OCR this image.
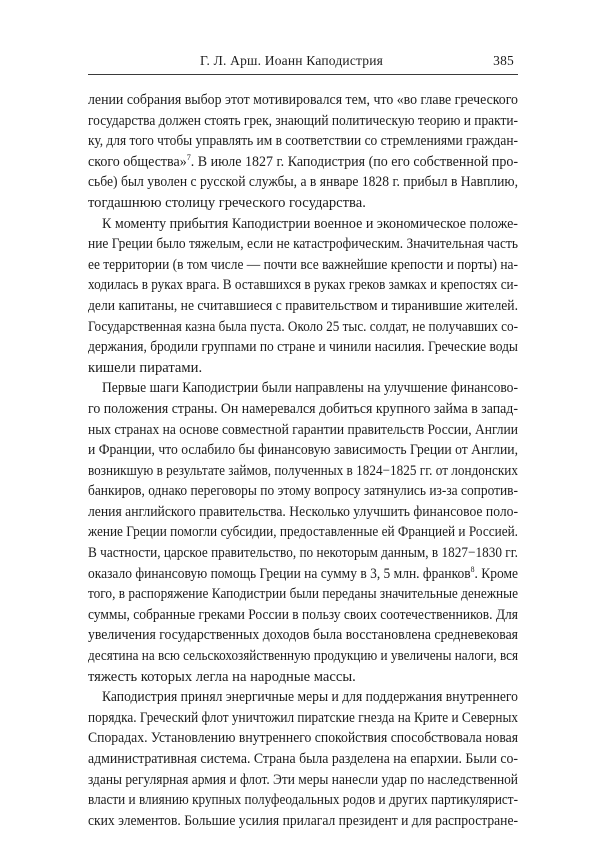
Г. Л. Арш. Иоанн Каподистрия	385
лении собрания выбор этот мотивировался тем, что «во главе греческого
государства должен стоять грек, знающий политическую теорию и практи-
ку, для того чтобы управлять им в соответствии со стремлениями граждан-
ского общества»$^7$. В июле 1827 г. Каподистрия (по его собственной про-
сьбе) был уволен с русской службы, а в январе 1828 г. прибыл в Навплию,
тогдашнюю столицу греческого государства.
К моменту прибытия Каподистрии военное и экономическое положе-
ние Греции было тяжелым, если не катастрофическим. Значительная часть
ее территории (в том числе — почти все важнейшие крепости и порты) на-
ходилась в руках врага. В оставшихся в руках греков замках и крепостях си-
дели капитаны, не считавшиеся с правительством и тиранившие жителей.
Государственная казна была пуста. Около 25 тыс. солдат, не получавших со-
держания, бродили группами по стране и чинили насилия. Греческие воды
кишели пиратами.
Первые шаги Каподистрии были направлены на улучшение финансово-
го положения страны. Он намеревался добиться крупного займа в запад-
ных странах на основе совместной гарантии правительств России, Англии
и Франции, что ослабило бы финансовую зависимость Греции от Англии,
возникшую в результате займов, полученных в 1824−1825 гг. от лондонских
банкиров, однако переговоры по этому вопросу затянулись из-за сопротив-
ления английского правительства. Несколько улучшить финансовое поло-
жение Греции помогли субсидии, предоставленные ей Францией и Россией.
В частности, царское правительство, по некоторым данным, в 1827−1830 гг.
оказало финансовую помощь Греции на сумму в 3, 5 млн. франков$^8$. Кроме
того, в распоряжение Каподистрии были переданы значительные денежные
суммы, собранные греками России в пользу своих соотечественников. Для
увеличения государственных доходов была восстановлена средневековая
десятина на всю сельскохозяйственную продукцию и увеличены налоги, вся
тяжесть которых легла на народные массы.
Каподистрия принял энергичные меры и для поддержания внутреннего
порядка. Греческий флот уничтожил пиратские гнезда на Крите и Северных
Спорадах. Установлению внутреннего спокойствия способствовала новая
административная система. Страна была разделена на епархии. Были со-
зданы регулярная армия и флот. Эти меры нанесли удар по наследственной
власти и влиянию крупных полуфеодальных родов и других партикулярист-
ских элементов. Большие усилия прилагал президент и для распростране-
